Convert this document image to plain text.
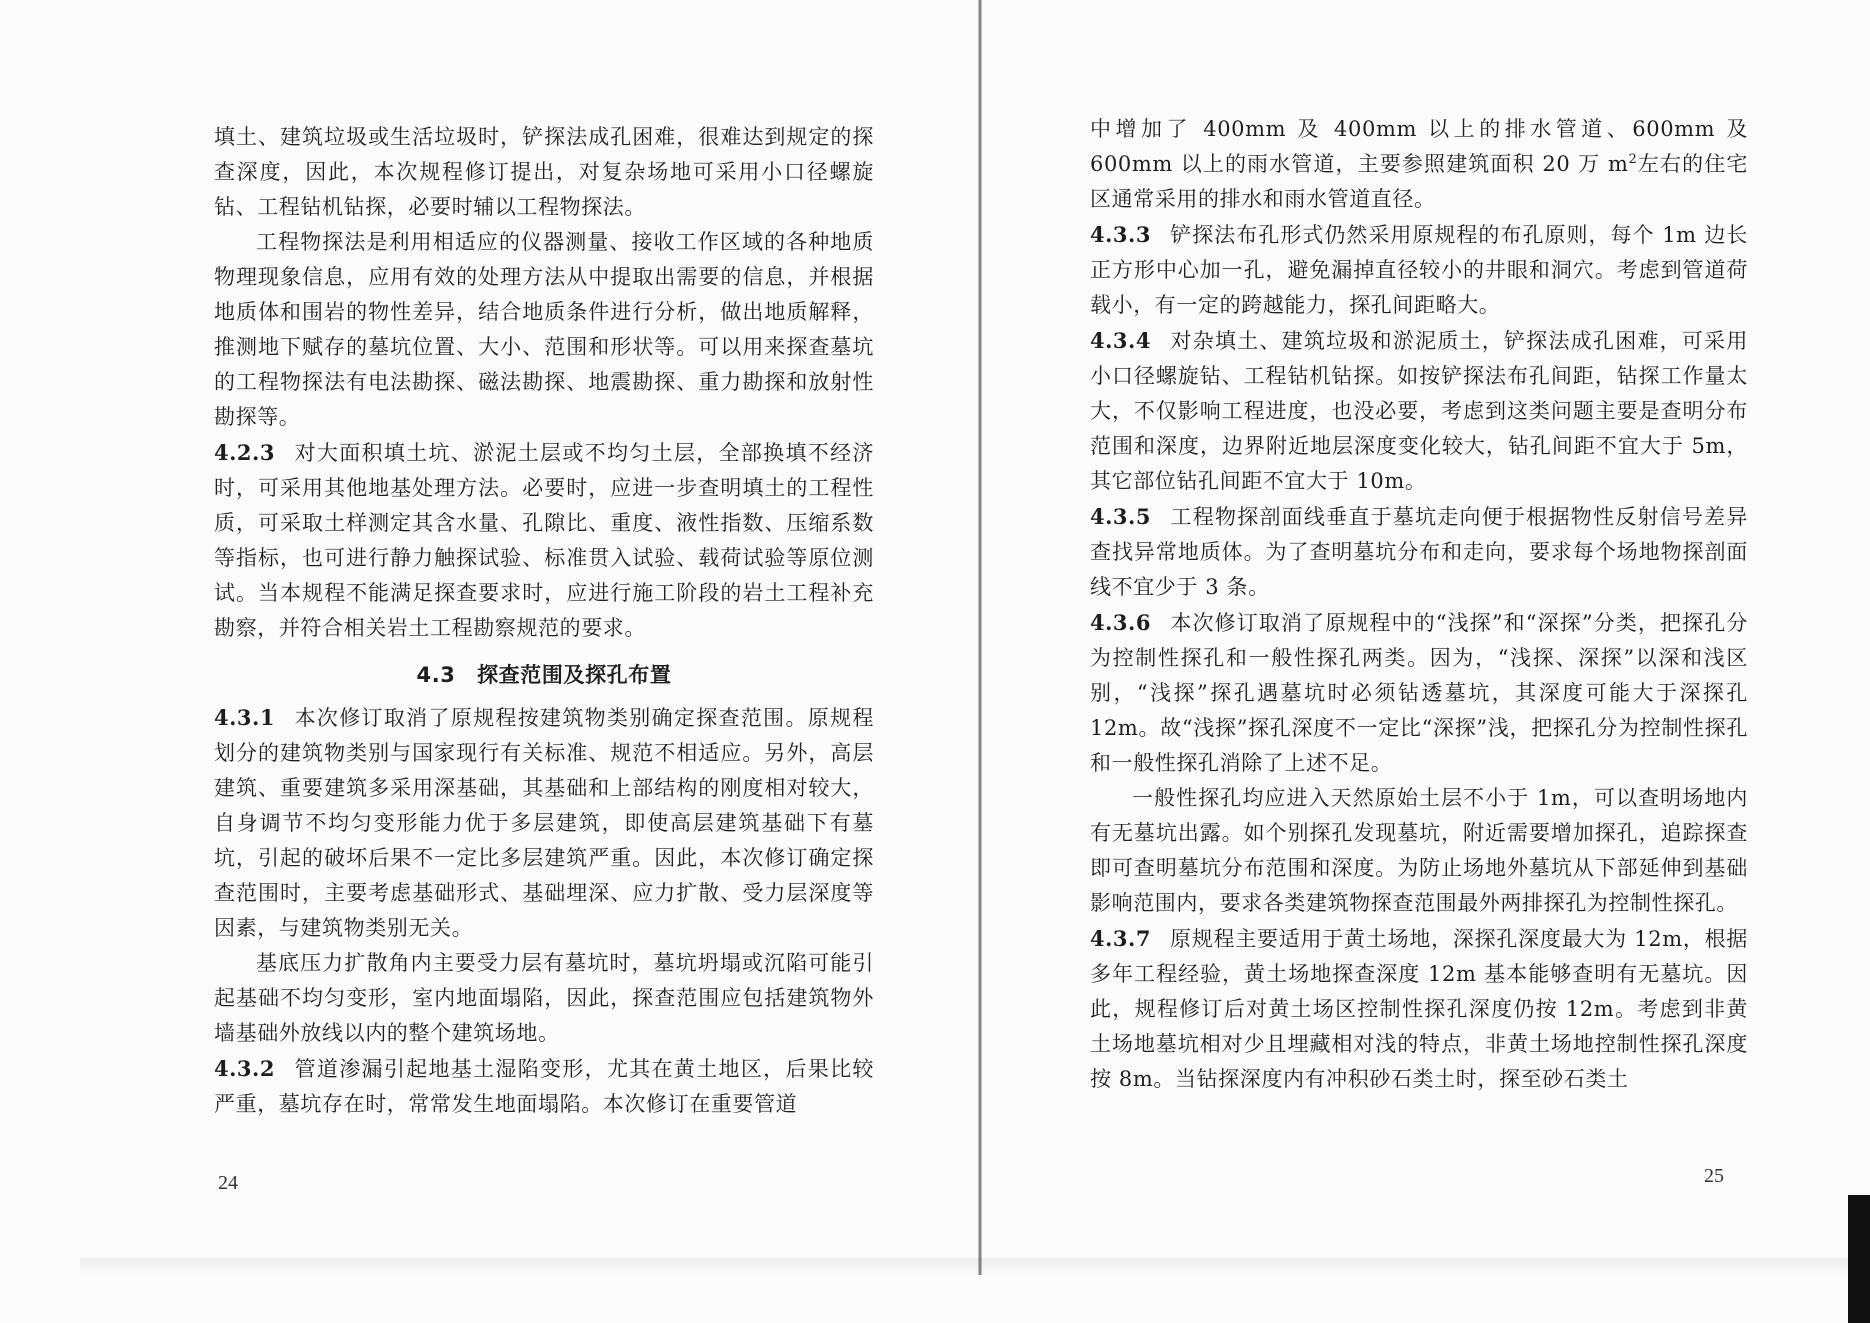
填土、建筑垃圾或生活垃圾时，铲探法成孔困难，很难达到规定的探查深度，因此，本次规程修订提出，对复杂场地可采用小口径螺旋钻、工程钻机钻探，必要时辅以工程物探法。

工程物探法是利用相适应的仪器测量、接收工作区域的各种地质物理现象信息，应用有效的处理方法从中提取出需要的信息，并根据地质体和围岩的物性差异，结合地质条件进行分析，做出地质解释，推测地下赋存的墓坑位置、大小、范围和形状等。可以用来探查墓坑的工程物探法有电法勘探、磁法勘探、地震勘探、重力勘探和放射性勘探等。

4.2.3 对大面积填土坑、淤泥土层或不均匀土层，全部换填不经济时，可采用其他地基处理方法。必要时，应进一步查明填土的工程性质，可采取土样测定其含水量、孔隙比、重度、液性指数、压缩系数等指标，也可进行静力触探试验、标准贯入试验、载荷试验等原位测试。当本规程不能满足探查要求时，应进行施工阶段的岩土工程补充勘察，并符合相关岩土工程勘察规范的要求。

4.3　探查范围及探孔布置

4.3.1 本次修订取消了原规程按建筑物类别确定探查范围。原规程划分的建筑物类别与国家现行有关标准、规范不相适应。另外，高层建筑、重要建筑多采用深基础，其基础和上部结构的刚度相对较大，自身调节不均匀变形能力优于多层建筑，即使高层建筑基础下有墓坑，引起的破坏后果不一定比多层建筑严重。因此，本次修订确定探查范围时，主要考虑基础形式、基础埋深、应力扩散、受力层深度等因素，与建筑物类别无关。

基底压力扩散角内主要受力层有墓坑时，墓坑坍塌或沉陷可能引起基础不均匀变形，室内地面塌陷，因此，探查范围应包括建筑物外墙基础外放线以内的整个建筑场地。

4.3.2 管道渗漏引起地基土湿陷变形，尤其在黄土地区，后果比较严重，墓坑存在时，常常发生地面塌陷。本次修订在重要管道

24

中增加了 400mm 及 400mm 以上的排水管道、600mm 及 600mm 以上的雨水管道，主要参照建筑面积 20 万 $m^2$左右的住宅区通常采用的排水和雨水管道直径。

4.3.3 铲探法布孔形式仍然采用原规程的布孔原则，每个 1m 边长正方形中心加一孔，避免漏掉直径较小的井眼和洞穴。考虑到管道荷载小，有一定的跨越能力，探孔间距略大。

4.3.4 对杂填土、建筑垃圾和淤泥质土，铲探法成孔困难，可采用小口径螺旋钻、工程钻机钻探。如按铲探法布孔间距，钻探工作量太大，不仅影响工程进度，也没必要，考虑到这类问题主要是查明分布范围和深度，边界附近地层深度变化较大，钻孔间距不宜大于 5m，其它部位钻孔间距不宜大于 10m。

4.3.5 工程物探剖面线垂直于墓坑走向便于根据物性反射信号差异查找异常地质体。为了查明墓坑分布和走向，要求每个场地物探剖面线不宜少于 3 条。

4.3.6 本次修订取消了原规程中的“浅探”和“深探”分类，把探孔分为控制性探孔和一般性探孔两类。因为，“浅探、深探”以深和浅区别，“浅探”探孔遇墓坑时必须钻透墓坑，其深度可能大于深探孔 12m。故“浅探”探孔深度不一定比“深探”浅，把探孔分为控制性探孔和一般性探孔消除了上述不足。

一般性探孔均应进入天然原始土层不小于 1m，可以查明场地内有无墓坑出露。如个别探孔发现墓坑，附近需要增加探孔，追踪探查即可查明墓坑分布范围和深度。为防止场地外墓坑从下部延伸到基础影响范围内，要求各类建筑物探查范围最外两排探孔为控制性探孔。

4.3.7 原规程主要适用于黄土场地，深探孔深度最大为 12m，根据多年工程经验，黄土场地探查深度 12m 基本能够查明有无墓坑。因此，规程修订后对黄土场区控制性探孔深度仍按 12m。考虑到非黄土场地墓坑相对少且埋藏相对浅的特点，非黄土场地控制性探孔深度按 8m。当钻探深度内有冲积砂石类土时，探至砂石类土

25
